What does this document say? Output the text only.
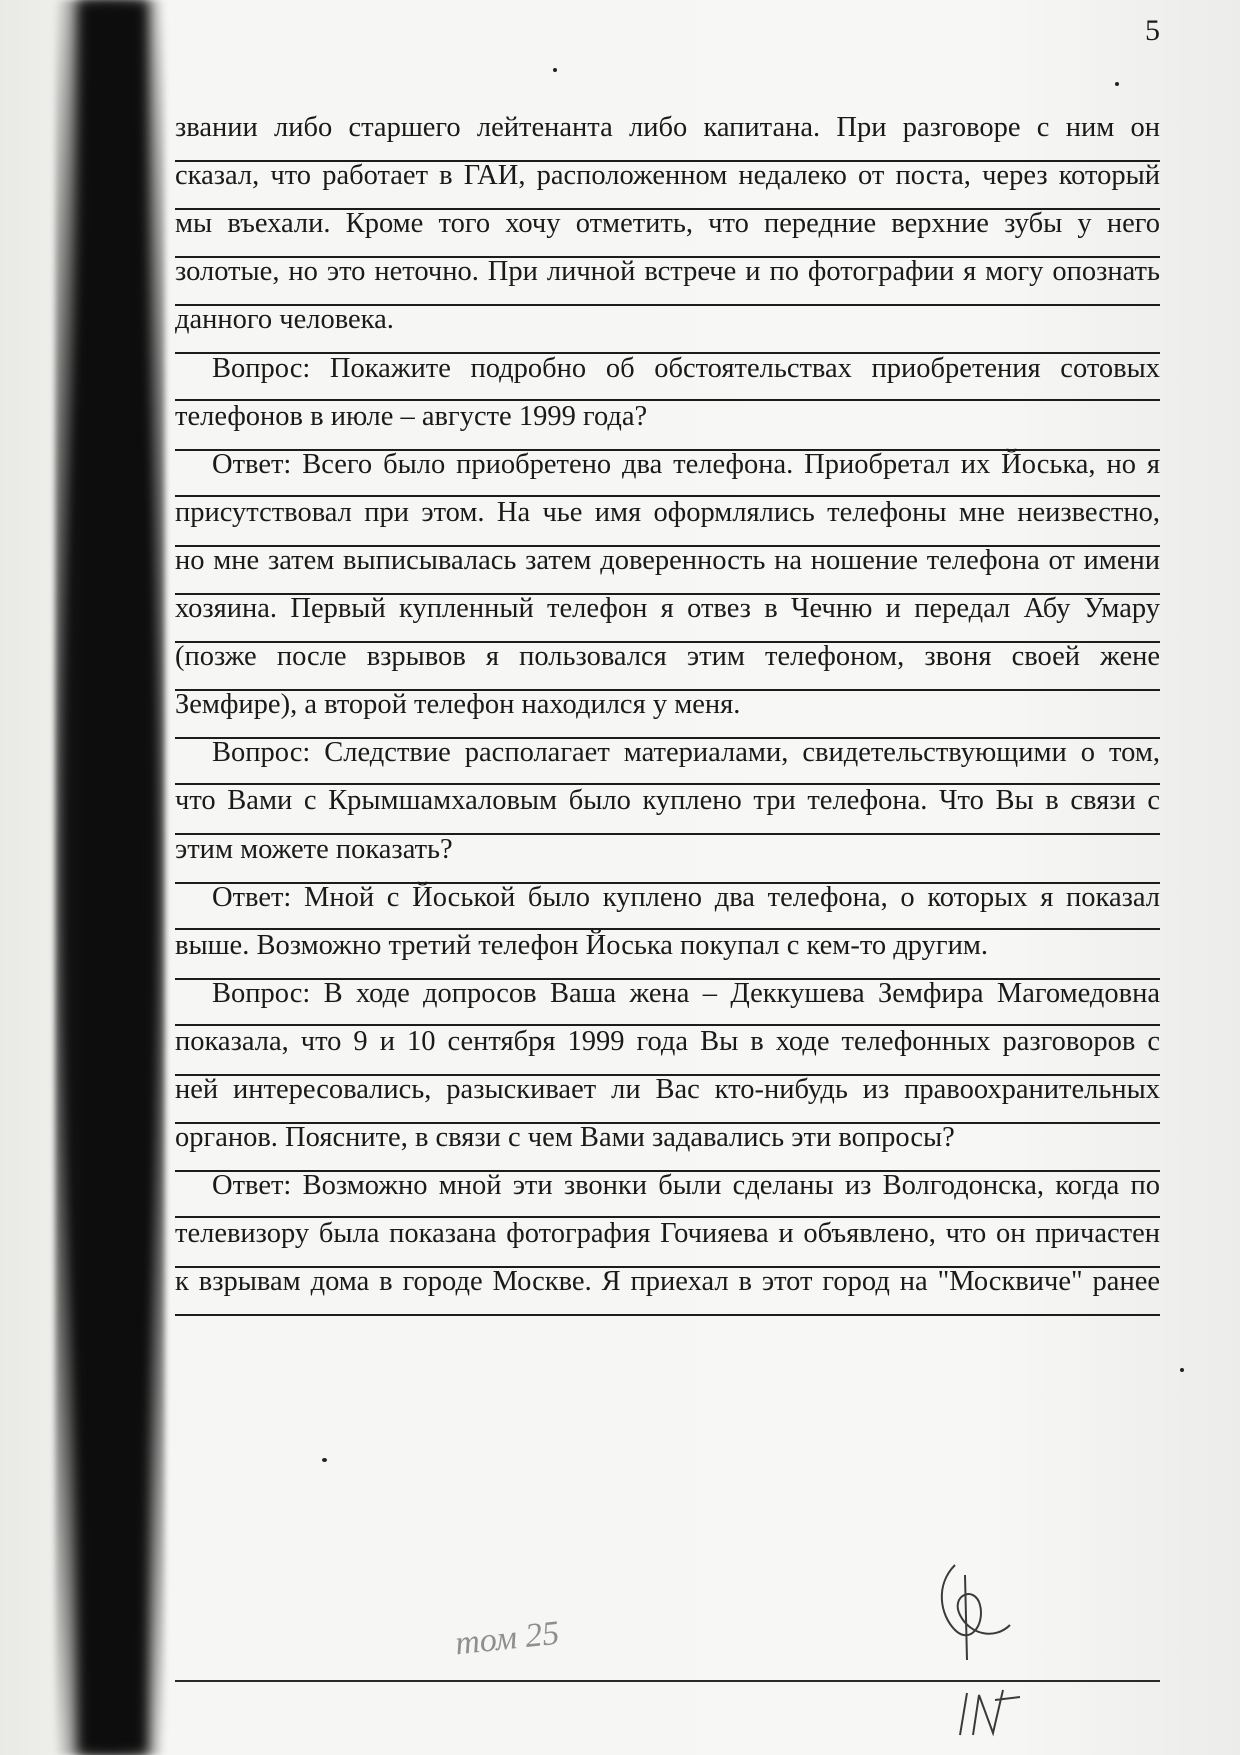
5
звании либо старшего лейтенанта либо капитана. При разговоре с ним он
сказал, что работает в ГАИ, расположенном недалеко от поста, через который
мы въехали. Кроме того хочу отметить, что передние верхние зубы у него
золотые, но это неточно. При личной встрече и по фотографии я могу опознать
данного человека.
Вопрос: Покажите подробно об обстоятельствах приобретения сотовых
телефонов в июле – августе 1999 года?
Ответ: Всего было приобретено два телефона. Приобретал их Йоська, но я
присутствовал при этом. На чье имя оформлялись телефоны мне неизвестно,
но мне затем выписывалась затем доверенность на ношение телефона от имени
хозяина. Первый купленный телефон я отвез в Чечню и передал Абу Умару
(позже после взрывов я пользовался этим телефоном, звоня своей жене
Земфире), а второй телефон находился у меня.
Вопрос: Следствие располагает материалами, свидетельствующими о том,
что Вами с Крымшамхаловым было куплено три телефона. Что Вы в связи с
этим можете показать?
Ответ: Мной с Йоськой было куплено два телефона, о которых я показал
выше. Возможно третий телефон Йоська покупал с кем-то другим.
Вопрос: В ходе допросов Ваша жена – Деккушева Земфира Магомедовна
показала, что 9 и 10 сентября 1999 года Вы в ходе телефонных разговоров с
ней интересовались, разыскивает ли Вас кто-нибудь из правоохранительных
органов. Поясните, в связи с чем Вами задавались эти вопросы?
Ответ: Возможно мной эти звонки были сделаны из Волгодонска, когда по
телевизору была показана фотография Гочияева и объявлено, что он причастен
к взрывам дома в городе Москве. Я приехал в этот город на "Москвиче" ранее
том 25
